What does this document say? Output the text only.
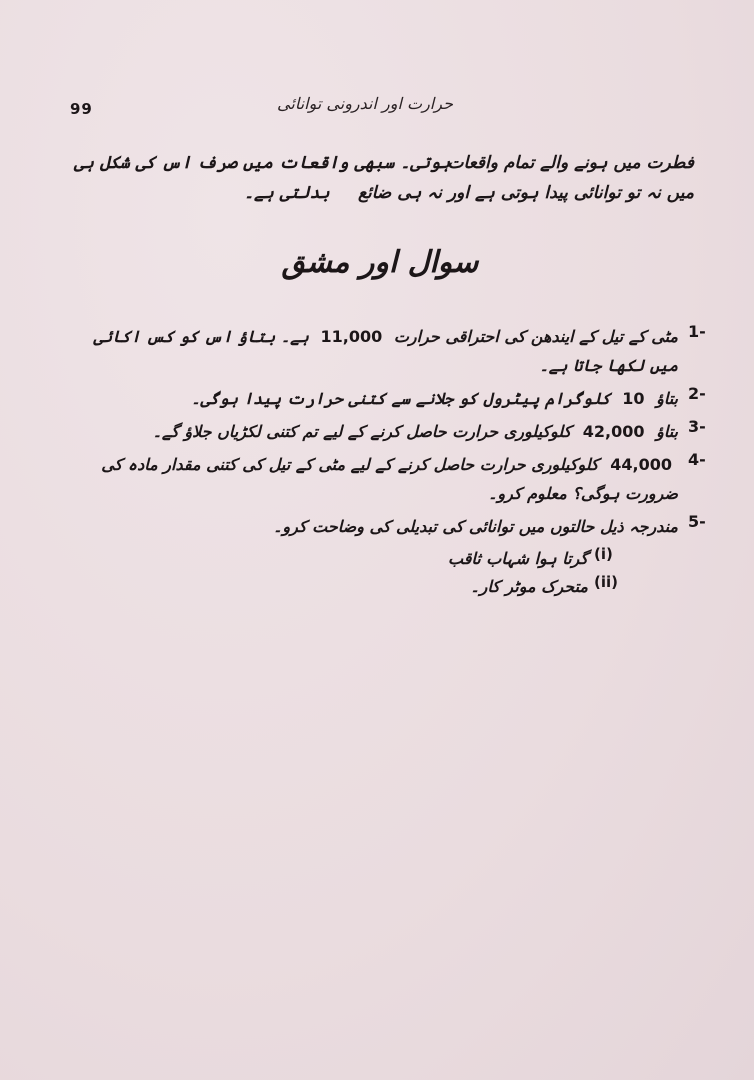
99	حرارت اور اندرونی توانائی
فطرت میں ہونے والے تمام واقعات
ہوتی۔ سبھی واقعات میں صرف اس کی شکل ہی
میں نہ تو توانائی پیدا ہوتی ہے اور نہ ہی ضائع
بدلتی ہے۔
سوال اور مشق
1-
مٹی کے تیل کے ایندھن کی احتراقی حرارت 11,000 ہے۔ بتاؤ اس کو کس اکائی میں لکھا جاتا ہے۔
2-
بتاؤ 10 کلوگرام پیٹرول کو جلانے سے کتنی حرارت پیدا ہوگی۔
3-
بتاؤ 42,000 کلوکیلوری حرارت حاصل کرنے کے لیے تم کتنی لکڑیاں جلاؤ گے۔
4-
44,000 کلوکیلوری حرارت حاصل کرنے کے لیے مٹی کے تیل کی کتنی مقدار مادہ کی ضرورت ہوگی؟ معلوم کرو۔
5-
مندرجہ ذیل حالتوں میں توانائی کی تبدیلی کی وضاحت کرو۔
(i)
گرتا ہوا شہاب ثاقب
(ii)
متحرک موٹر کار۔
